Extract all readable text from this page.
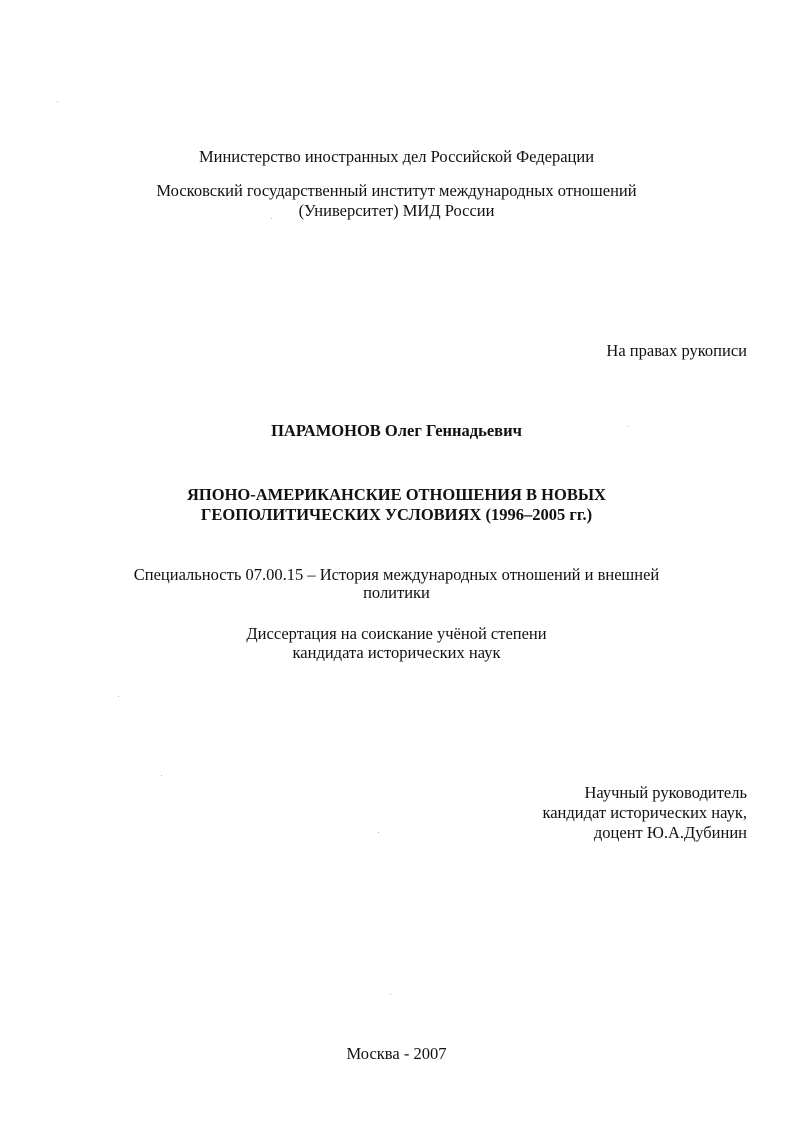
Министерство иностранных дел Российской Федерации
Московский государственный институт международных отношений
(Университет) МИД России
На правах рукописи
ПАРАМОНОВ Олег Геннадьевич
ЯПОНО-АМЕРИКАНСКИЕ ОТНОШЕНИЯ В НОВЫХ
ГЕОПОЛИТИЧЕСКИХ УСЛОВИЯХ (1996–2005 гг.)
Специальность 07.00.15 – История международных отношений и внешней
политики
Диссертация на соискание учёной степени
кандидата исторических наук
Научный руководитель
кандидат исторических наук,
доцент Ю.А.Дубинин
Москва - 2007
